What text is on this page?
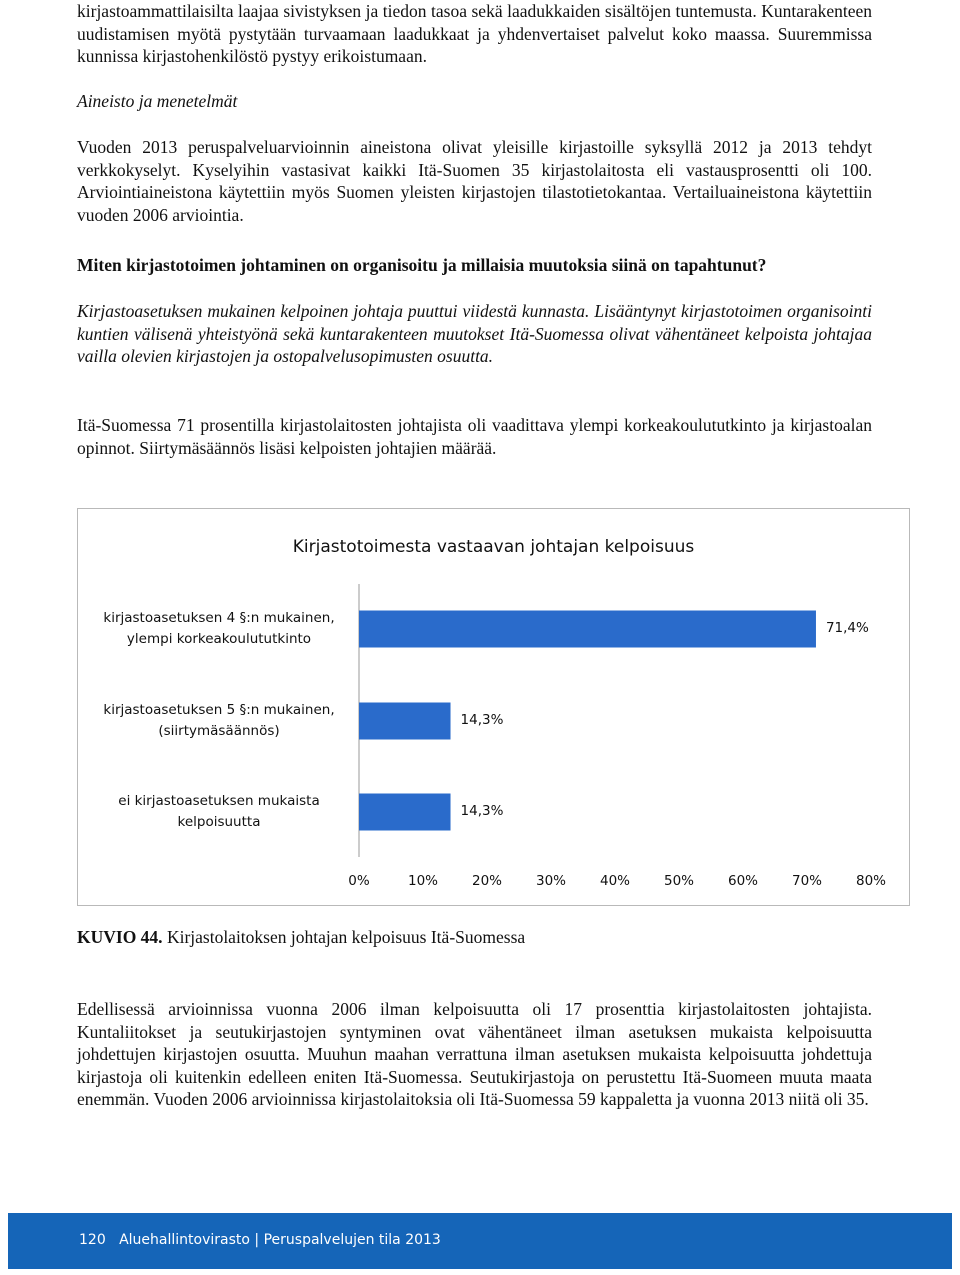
kirjastoammattilaisilta laajaa sivistyksen ja tiedon tasoa sekä laadukkaiden sisältöjen tuntemusta. Kuntarakenteen uudistamisen myötä pystytään turvaamaan laadukkaat ja yhdenvertaiset palvelut koko maassa. Suuremmissa kunnissa kirjastohenkilöstö pystyy erikoistumaan.

Aineisto ja menetelmät

Vuoden 2013 peruspalveluarvioinnin aineistona olivat yleisille kirjastoille syksyllä 2012 ja 2013 tehdyt verkkokyselyt. Kyselyihin vastasivat kaikki Itä-Suomen 35 kirjastolaitosta eli vastausprosentti oli 100. Arviointiaineistona käytettiin myös Suomen yleisten kirjastojen tilastotietokantaa. Vertailuaineistona käytettiin vuoden 2006 arviointia.

Miten kirjastotoimen johtaminen on organisoitu ja millaisia muutoksia siinä on tapahtunut?

Kirjastoasetuksen mukainen kelpoinen johtaja puuttui viidestä kunnasta. Lisääntynyt kirjastotoimen organisointi kuntien välisenä yhteistyönä sekä kuntarakenteen muutokset Itä-Suomessa olivat vähentäneet kelpoista johtajaa vailla olevien kirjastojen ja ostopalvelusopimusten osuutta.

Itä-Suomessa 71 prosentilla kirjastolaitosten johtajista oli vaadittava ylempi korkeakoulututkinto ja kirjastoalan opinnot. Siirtymäsäännös lisäsi kelpoisten johtajien määrää.

Kirjastotoimesta vastaavan johtajan kelpoisuus
kirjastoasetuksen 4 §:n mukainen,
ylempi korkeakoulututkinto
71,4%
kirjastoasetuksen 5 §:n mukainen,
(siirtymäsäännös)
14,3%
ei kirjastoasetuksen mukaista
kelpoisuutta
14,3%
0%	10%	20%	30%	40%	50%	60%	70%	80%
KUVIO 44. Kirjastolaitoksen johtajan kelpoisuus Itä-Suomessa

Edellisessä arvioinnissa vuonna 2006 ilman kelpoisuutta oli 17 prosenttia kirjastolaitosten johtajista. Kuntaliitokset ja seutukirjastojen syntyminen ovat vähentäneet ilman asetuksen mukaista kelpoisuutta johdettujen kirjastojen osuutta. Muuhun maahan verrattuna ilman asetuksen mukaista kelpoisuutta johdettuja kirjastoja oli kuitenkin edelleen eniten Itä-Suomessa. Seutukirjastoja on perustettu Itä-Suomeen muuta maata enemmän. Vuoden 2006 arvioinnissa kirjastolaitoksia oli Itä-Suomessa 59 kappaletta ja vuonna 2013 niitä oli 35.

120 Aluehallintovirasto | Peruspalvelujen tila 2013
